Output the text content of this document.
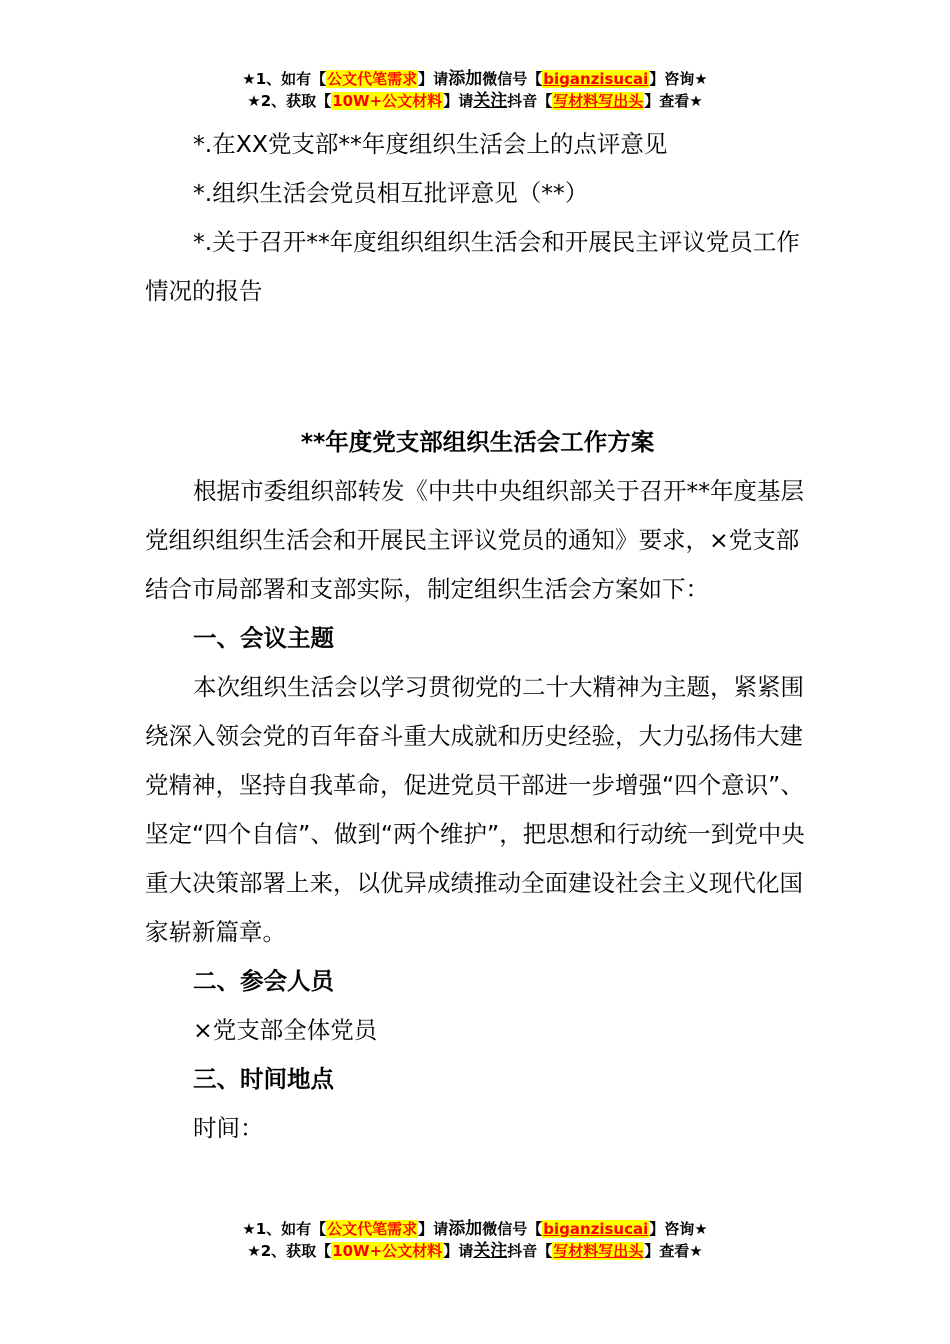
★1、如有【公文代笔需求】请添加微信号【biganzisucai】咨询★
★2、获取【10W+公文材料】请关注抖音【写材料写出头】查看★

*.在XX党支部**年度组织生活会上的点评意见

*.组织生活会党员相互批评意见（**）

*.关于召开**年度组织组织生活会和开展民主评议党员工作情况的报告

**年度党支部组织生活会工作方案

根据市委组织部转发《中共中央组织部关于召开**年度基层党组织组织生活会和开展民主评议党员的通知》要求，×党支部结合市局部署和支部实际，制定组织生活会方案如下：

一、会议主题

本次组织生活会以学习贯彻党的二十大精神为主题，紧紧围绕深入领会党的百年奋斗重大成就和历史经验，大力弘扬伟大建党精神，坚持自我革命，促进党员干部进一步增强“四个意识”、坚定“四个自信”、做到“两个维护”，把思想和行动统一到党中央重大决策部署上来，以优异成绩推动全面建设社会主义现代化国家崭新篇章。

二、参会人员

×党支部全体党员

三、时间地点

时间：

★1、如有【公文代笔需求】请添加微信号【biganzisucai】咨询★
★2、获取【10W+公文材料】请关注抖音【写材料写出头】查看★
